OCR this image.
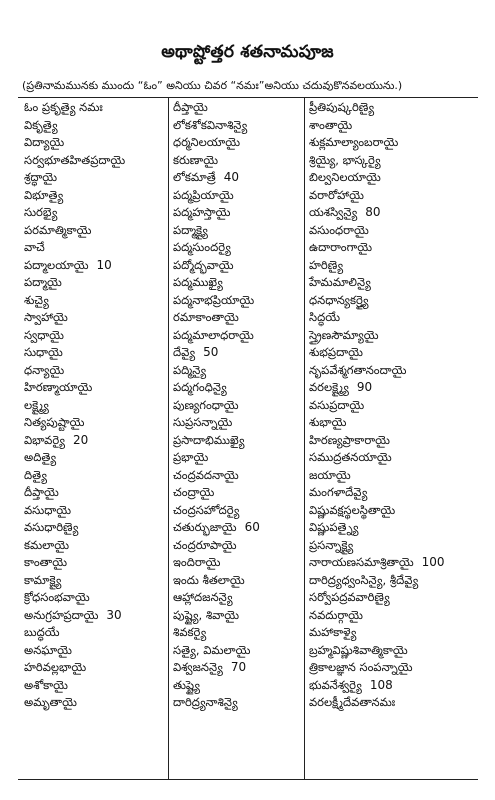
అథాష్టోత్తర శతనామపూజ
(ప్రతినామమునకు ముందు “ఓం” అనియు చివర “నమః”అనియు చదువుకొనవలయును.)
ఓం ప్రకృత్యై నమః
వికృత్యై
విద్యాయై
సర్వభూతహితప్రదాయై
శ్రద్ధాయై
విభూత్యై
సురభ్యై
పరమాత్మికాయై
వాచే
పద్మాలయాయై 10
పద్మాయై
శుచ్యై
స్వాహాయై
స్వధాయై
సుధాయై
ధన్యాయై
హిరణ్మాయాయై
లక్ష్మ్యై
నిత్యపుష్టాయై
విభావర్యై 20
అదిత్యై
దిత్యై
దీప్తాయై
వసుధాయై
వసుధారిణ్యై
కమలాయై
కాంతాయై
కామాక్ష్యై
క్రోధసంభవాయై
అనుగ్రహప్రదాయై 30
బుద్ధయే
అనఘాయై
హరివల్లభాయై
అశోకాయై
అమృతాయై
దీప్తాయై
లోకశోకవినాశిన్యై
ధర్మనిలయాయై
కరుణాయై
లోకమాత్రే 40
పద్మప్రియాయై
పద్మహస్తాయై
పద్మాక్ష్యై
పద్మసుందర్యై
పద్మోద్భవాయై
పద్మముఖ్యై
పద్మనాభప్రియాయై
రమాకాంతాయై
పద్మమాలాధరాయై
దేవ్యై 50
పద్మిన్యై
పద్మగంధిన్యై
పుణ్యగంధాయై
సుప్రసన్నాయై
ప్రసాదాభిముఖ్యై
ప్రభాయై
చంద్రవదనాయై
చంద్రాయై
చంద్రసహోదర్యై
చతుర్భుజాయై 60
చంద్రరూపాయై
ఇందిరాయై
ఇందు శీతలాయై
ఆహ్లాదజనన్యై
పుష్ట్యై, శివాయై
శివకర్యై
సత్యై, విమలాయై
విశ్వజనన్యై 70
తుష్ట్యై
దారిద్ర్యనాశిన్యై
ప్రీతిపుష్కరిణ్యై
శాంతాయై
శుక్లమాల్యాంబరాయై
శ్రియ్యై, భాస్కర్యై
బిల్వనిలయాయై
వరారోహాయై
యశస్విన్యై 80
వసుంధరాయై
ఉదారాంగాయై
హరిణ్యై
హేమమాలిన్యై
ధనధాన్యకర్త్ర్యై
సిద్ధయే
స్త్రైణసౌమ్యాయై
శుభప్రదాయై
నృపవేశ్మగతానందాయై
వరలక్ష్మ్యై 90
వసుప్రదాయై
శుభాయై
హిరణ్యప్రాకారాయై
సముద్రతనయాయై
జయాయై
మంగళాదేవ్యై
విష్ణువక్షస్థలస్థితాయై
విష్ణుపత్న్యై
ప్రసన్నాక్ష్యై
నారాయణసమాశ్రితాయై 100
దారిద్ర్యధ్వంసిన్యై, శ్రీదేవ్యై
సర్వోపద్రవవారిణ్యై
నవదుర్గాయై
మహాకాళ్యై
బ్రహ్మవిష్ణుశివాత్మికాయై
త్రికాలజ్ఞాన సంపన్నాయై
భువనేశ్వర్యై 108
వరలక్ష్మీదేవతానమః
